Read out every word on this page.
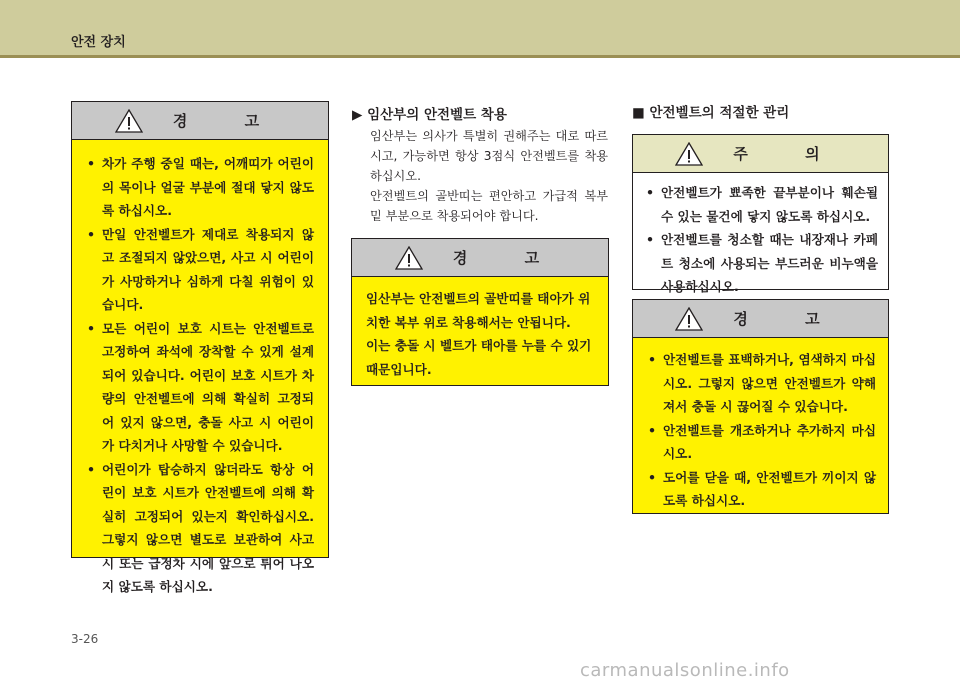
안전 장치
경 고
• 차가 주행 중일 때는, 어깨띠가 어린이의 목이나 얼굴 부분에 절대 닿지 않도록 하십시오.
• 만일 안전벨트가 제대로 착용되지 않고 조절되지 않았으면, 사고 시 어린이가 사망하거나 심하게 다칠 위험이 있습니다.
• 모든 어린이 보호 시트는 안전벨트로 고정하여 좌석에 장착할 수 있게 설계되어 있습니다. 어린이 보호 시트가 차량의 안전벨트에 의해 확실히 고정되어 있지 않으면, 충돌 사고 시 어린이가 다치거나 사망할 수 있습니다.
• 어린이가 탑승하지 않더라도 항상 어린이 보호 시트가 안전벨트에 의해 확실히 고정되어 있는지 확인하십시오. 그렇지 않으면 별도로 보관하여 사고 시 또는 급정차 시에 앞으로 튀어 나오지 않도록 하십시오.
▶ 임산부의 안전벨트 착용
임산부는 의사가 특별히 권해주는 대로 따르시고, 가능하면 항상 3점식 안전벨트를 착용하십시오.
안전벨트의 골반띠는 편안하고 가급적 복부 밑 부분으로 착용되어야 합니다.
경 고
임산부는 안전벨트의 골반띠를 태아가 위치한 복부 위로 착용해서는 안됩니다.
이는 충돌 시 벨트가 태아를 누를 수 있기 때문입니다.
■ 안전벨트의 적절한 관리
주 의
• 안전벨트가 뾰족한 끝부분이나 훼손될 수 있는 물건에 닿지 않도록 하십시오.
• 안전벨트를 청소할 때는 내장재나 카페트 청소에 사용되는 부드러운 비누액을 사용하십시오.
경 고
• 안전벨트를 표백하거나, 염색하지 마십시오. 그렇지 않으면 안전벨트가 약해져서 충돌 시 끊어질 수 있습니다.
• 안전벨트를 개조하거나 추가하지 마십시오.
• 도어를 닫을 때, 안전벨트가 끼이지 않도록 하십시오.
3-26
carmanualsonline.info
